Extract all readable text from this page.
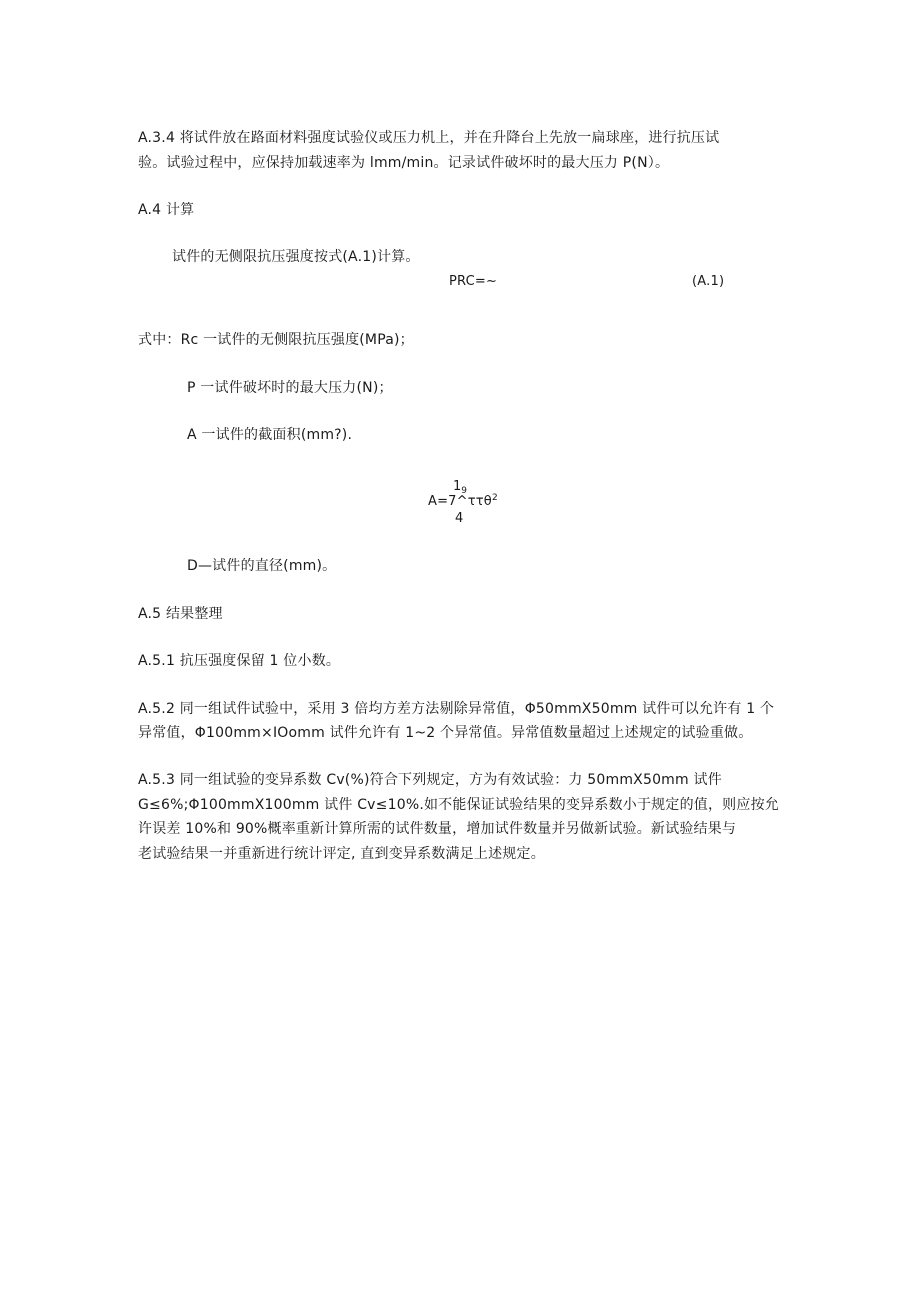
A.3.4 将试件放在路面材料强度试验仪或压力机上，并在升降台上先放一扁球座，进行抗压试
验。试验过程中，应保持加载速率为 lmm/min。记录试件破坏时的最大压力 P(N）。
A.4 计算
试件的无侧限抗压强度按式(A.1)计算。
PRC=~	(A.1)
式中：Rc 一试件的无侧限抗压强度(MPa)；
P 一试件破坏时的最大压力(N)；
A 一试件的截面积(mm?).
$1_9$
A=7^ττθ$^2$
4
D—试件的直径(mm)。
A.5 结果整理
A.5.1 抗压强度保留 1 位小数。
A.5.2 同一组试件试验中，采用 3 倍均方差方法剔除异常值，Φ50mmX50mm 试件可以允许有 1 个
异常值，Φ100mm×IOomm 试件允许有 1~2 个异常值。异常值数量超过上述规定的试验重做。
A.5.3 同一组试验的变异系数 Cv(%)符合下列规定，方为有效试验：力 50mmX50mm 试件
G≤6%;Φ100mmX100mm 试件 Cv≤10%.如不能保证试验结果的变异系数小于规定的值，则应按允
许误差 10%和 90%概率重新计算所需的试件数量，增加试件数量并另做新试验。新试验结果与
老试验结果一并重新进行统计评定, 直到变异系数满足上述规定。
